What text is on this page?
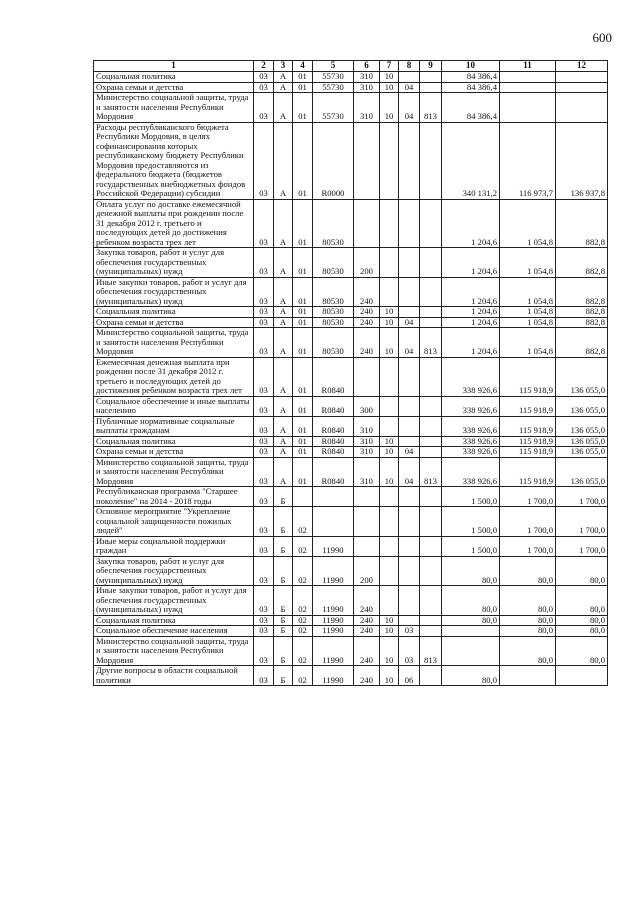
600
1	2	3	4	5	6	7	8	9	10	11	12
Социальная политика	03	А	01	55730	310	10			84 386,4		
Охрана семьи и детства	03	А	01	55730	310	10	04		84 386,4		
Министерство социальной защиты, труда и занятости населения Республики Мордовия	03	А	01	55730	310	10	04	813	84 386,4		
Расходы республиканского бюджета Республики Мордовия, в целях софинансирования которых республиканскому бюджету Республики Мордовия предоставляются из федерального бюджета (бюджетов государственных внебюджетных фондов Российской Федерации) субсидии	03	А	01	R0000					340 131,2	116 973,7	136 937,8
Оплата услуг по доставке ежемесячной денежной выплаты при рождении после 31 декабря 2012 г. третьего и последующих детей до достижения ребенком возраста трех лет	03	А	01	80530					1 204,6	1 054,8	882,8
Закупка товаров, работ и услуг для обеспечения государственных (муниципальных) нужд	03	А	01	80530	200				1 204,6	1 054,8	882,8
Иные закупки товаров, работ и услуг для обеспечения государственных (муниципальных) нужд	03	А	01	80530	240				1 204,6	1 054,8	882,8
Социальная политика	03	А	01	80530	240	10			1 204,6	1 054,8	882,8
Охрана семьи и детства	03	А	01	80530	240	10	04		1 204,6	1 054,8	882,8
Министерство социальной защиты, труда и занятости населения Республики Мордовия	03	А	01	80530	240	10	04	813	1 204,6	1 054,8	882,8
Ежемесячная денежная выплата при рождении после 31 декабря 2012 г. третьего и последующих детей до достижения ребенком возраста трех лет	03	А	01	R0840					338 926,6	115 918,9	136 055,0
Социальное обеспечение и иные выплаты населению	03	А	01	R0840	300				338 926,6	115 918,9	136 055,0
Публичные нормативные социальные выплаты гражданам	03	А	01	R0840	310				338 926,6	115 918,9	136 055,0
Социальная политика	03	А	01	R0840	310	10			338 926,6	115 918,9	136 055,0
Охрана семьи и детства	03	А	01	R0840	310	10	04		338 926,6	115 918,9	136 055,0
Министерство социальной защиты, труда и занятости населения Республики Мордовия	03	А	01	R0840	310	10	04	813	338 926,6	115 918,9	136 055,0
Республиканская программа "Старшее поколение" на 2014 - 2018 годы	03	Б							1 500,0	1 700,0	1 700,0
Основное мероприятие "Укрепление социальной защищенности пожилых людей"	03	Б	02						1 500,0	1 700,0	1 700,0
Иные меры социальной поддержки граждан	03	Б	02	11990					1 500,0	1 700,0	1 700,0
Закупка товаров, работ и услуг для обеспечения государственных (муниципальных) нужд	03	Б	02	11990	200				80,0	80,0	80,0
Иные закупки товаров, работ и услуг для обеспечения государственных (муниципальных) нужд	03	Б	02	11990	240				80,0	80,0	80,0
Социальная политика	03	Б	02	11990	240	10			80,0	80,0	80,0
Социальное обеспечение населения	03	Б	02	11990	240	10	03			80,0	80,0
Министерство социальной защиты, труда и занятости населения Республики Мордовия	03	Б	02	11990	240	10	03	813		80,0	80,0
Другие вопросы в области социальной политики	03	Б	02	11990	240	10	06		80,0		
